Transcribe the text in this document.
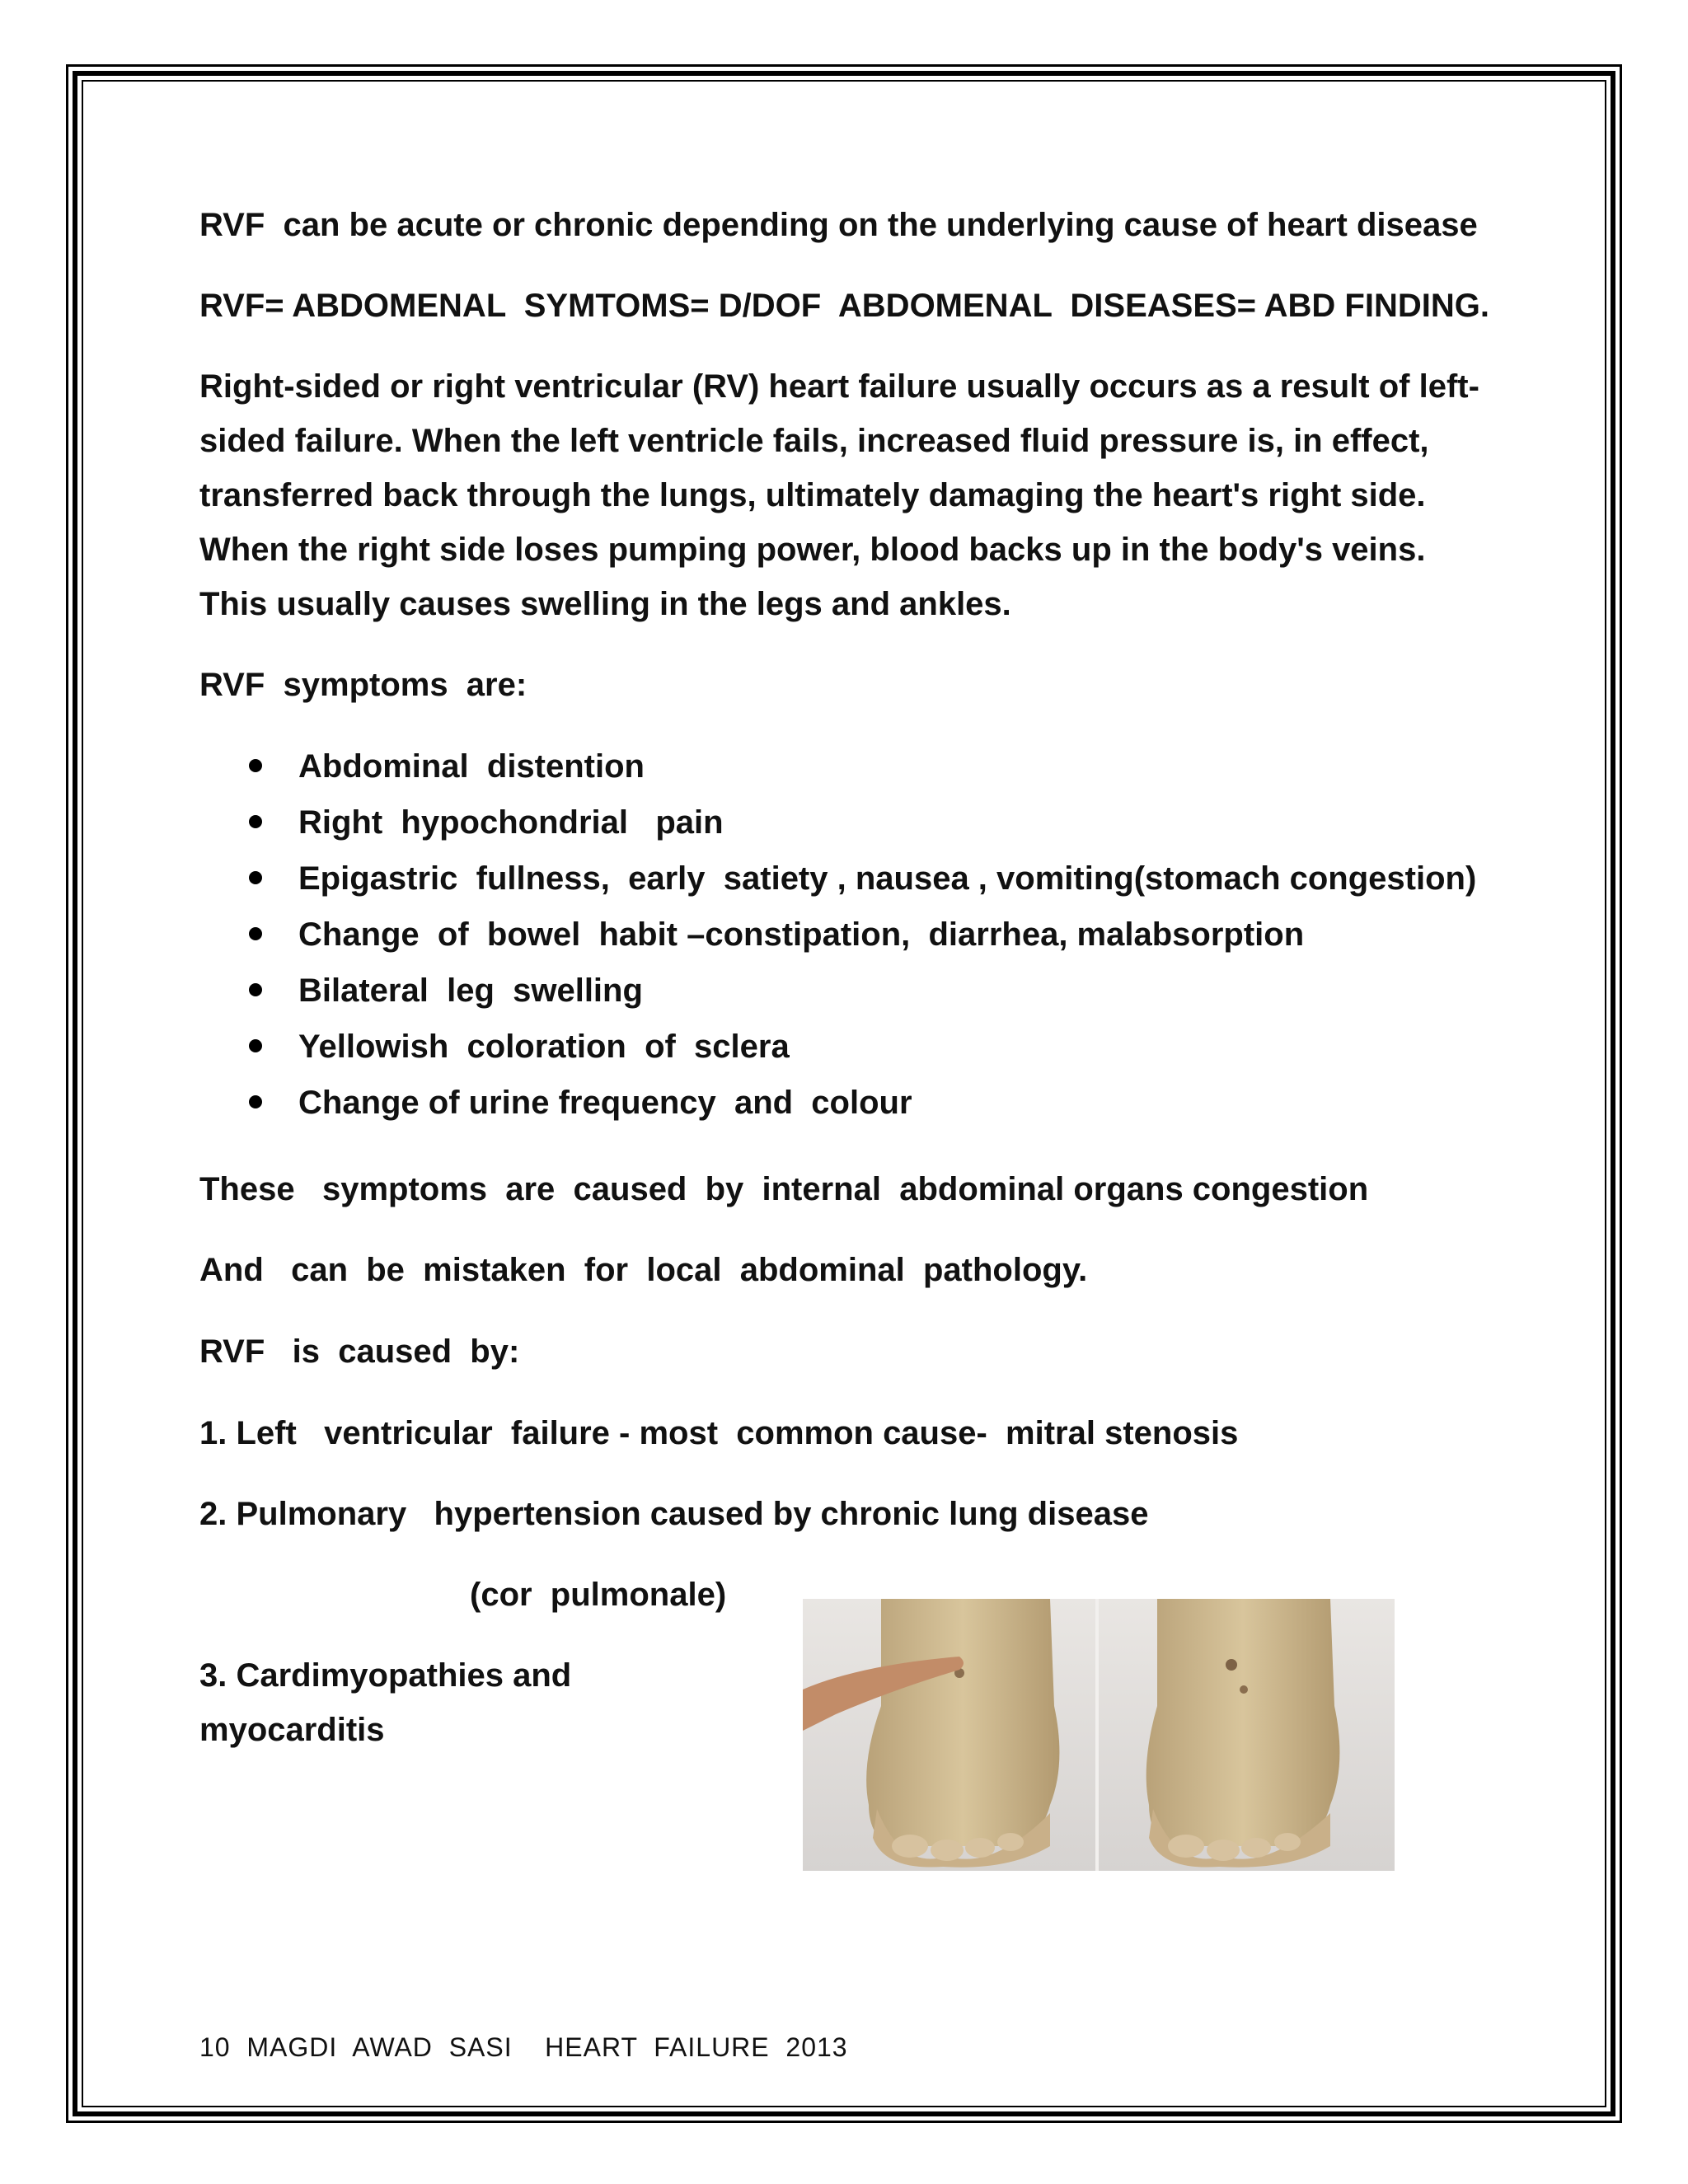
RVF  can be acute or chronic depending on the underlying cause of heart disease

RVF= ABDOMENAL  SYMTOMS= D/DOF  ABDOMENAL  DISEASES= ABD FINDING.

Right-sided or right ventricular (RV) heart failure usually occurs as a result of left-sided failure. When the left ventricle fails, increased fluid pressure is, in effect, transferred back through the lungs, ultimately damaging the heart's right side. When the right side loses pumping power, blood backs up in the body's veins. This usually causes swelling in the legs and ankles.

RVF  symptoms  are:

Abdominal  distention
Right  hypochondrial   pain
Epigastric  fullness,  early  satiety , nausea , vomiting(stomach congestion)
Change  of  bowel  habit –constipation,  diarrhea, malabsorption
Bilateral  leg  swelling
Yellowish  coloration  of  sclera
Change of urine frequency  and  colour

These   symptoms  are  caused  by  internal  abdominal organs congestion

And   can  be  mistaken  for  local  abdominal  pathology.

RVF   is  caused  by:

1. Left   ventricular  failure - most  common cause-  mitral stenosis

2. Pulmonary   hypertension caused by chronic lung disease

(cor  pulmonale)

3. Cardimyopathies and myocarditis

10  MAGDI  AWAD  SASI    HEART  FAILURE  2013
